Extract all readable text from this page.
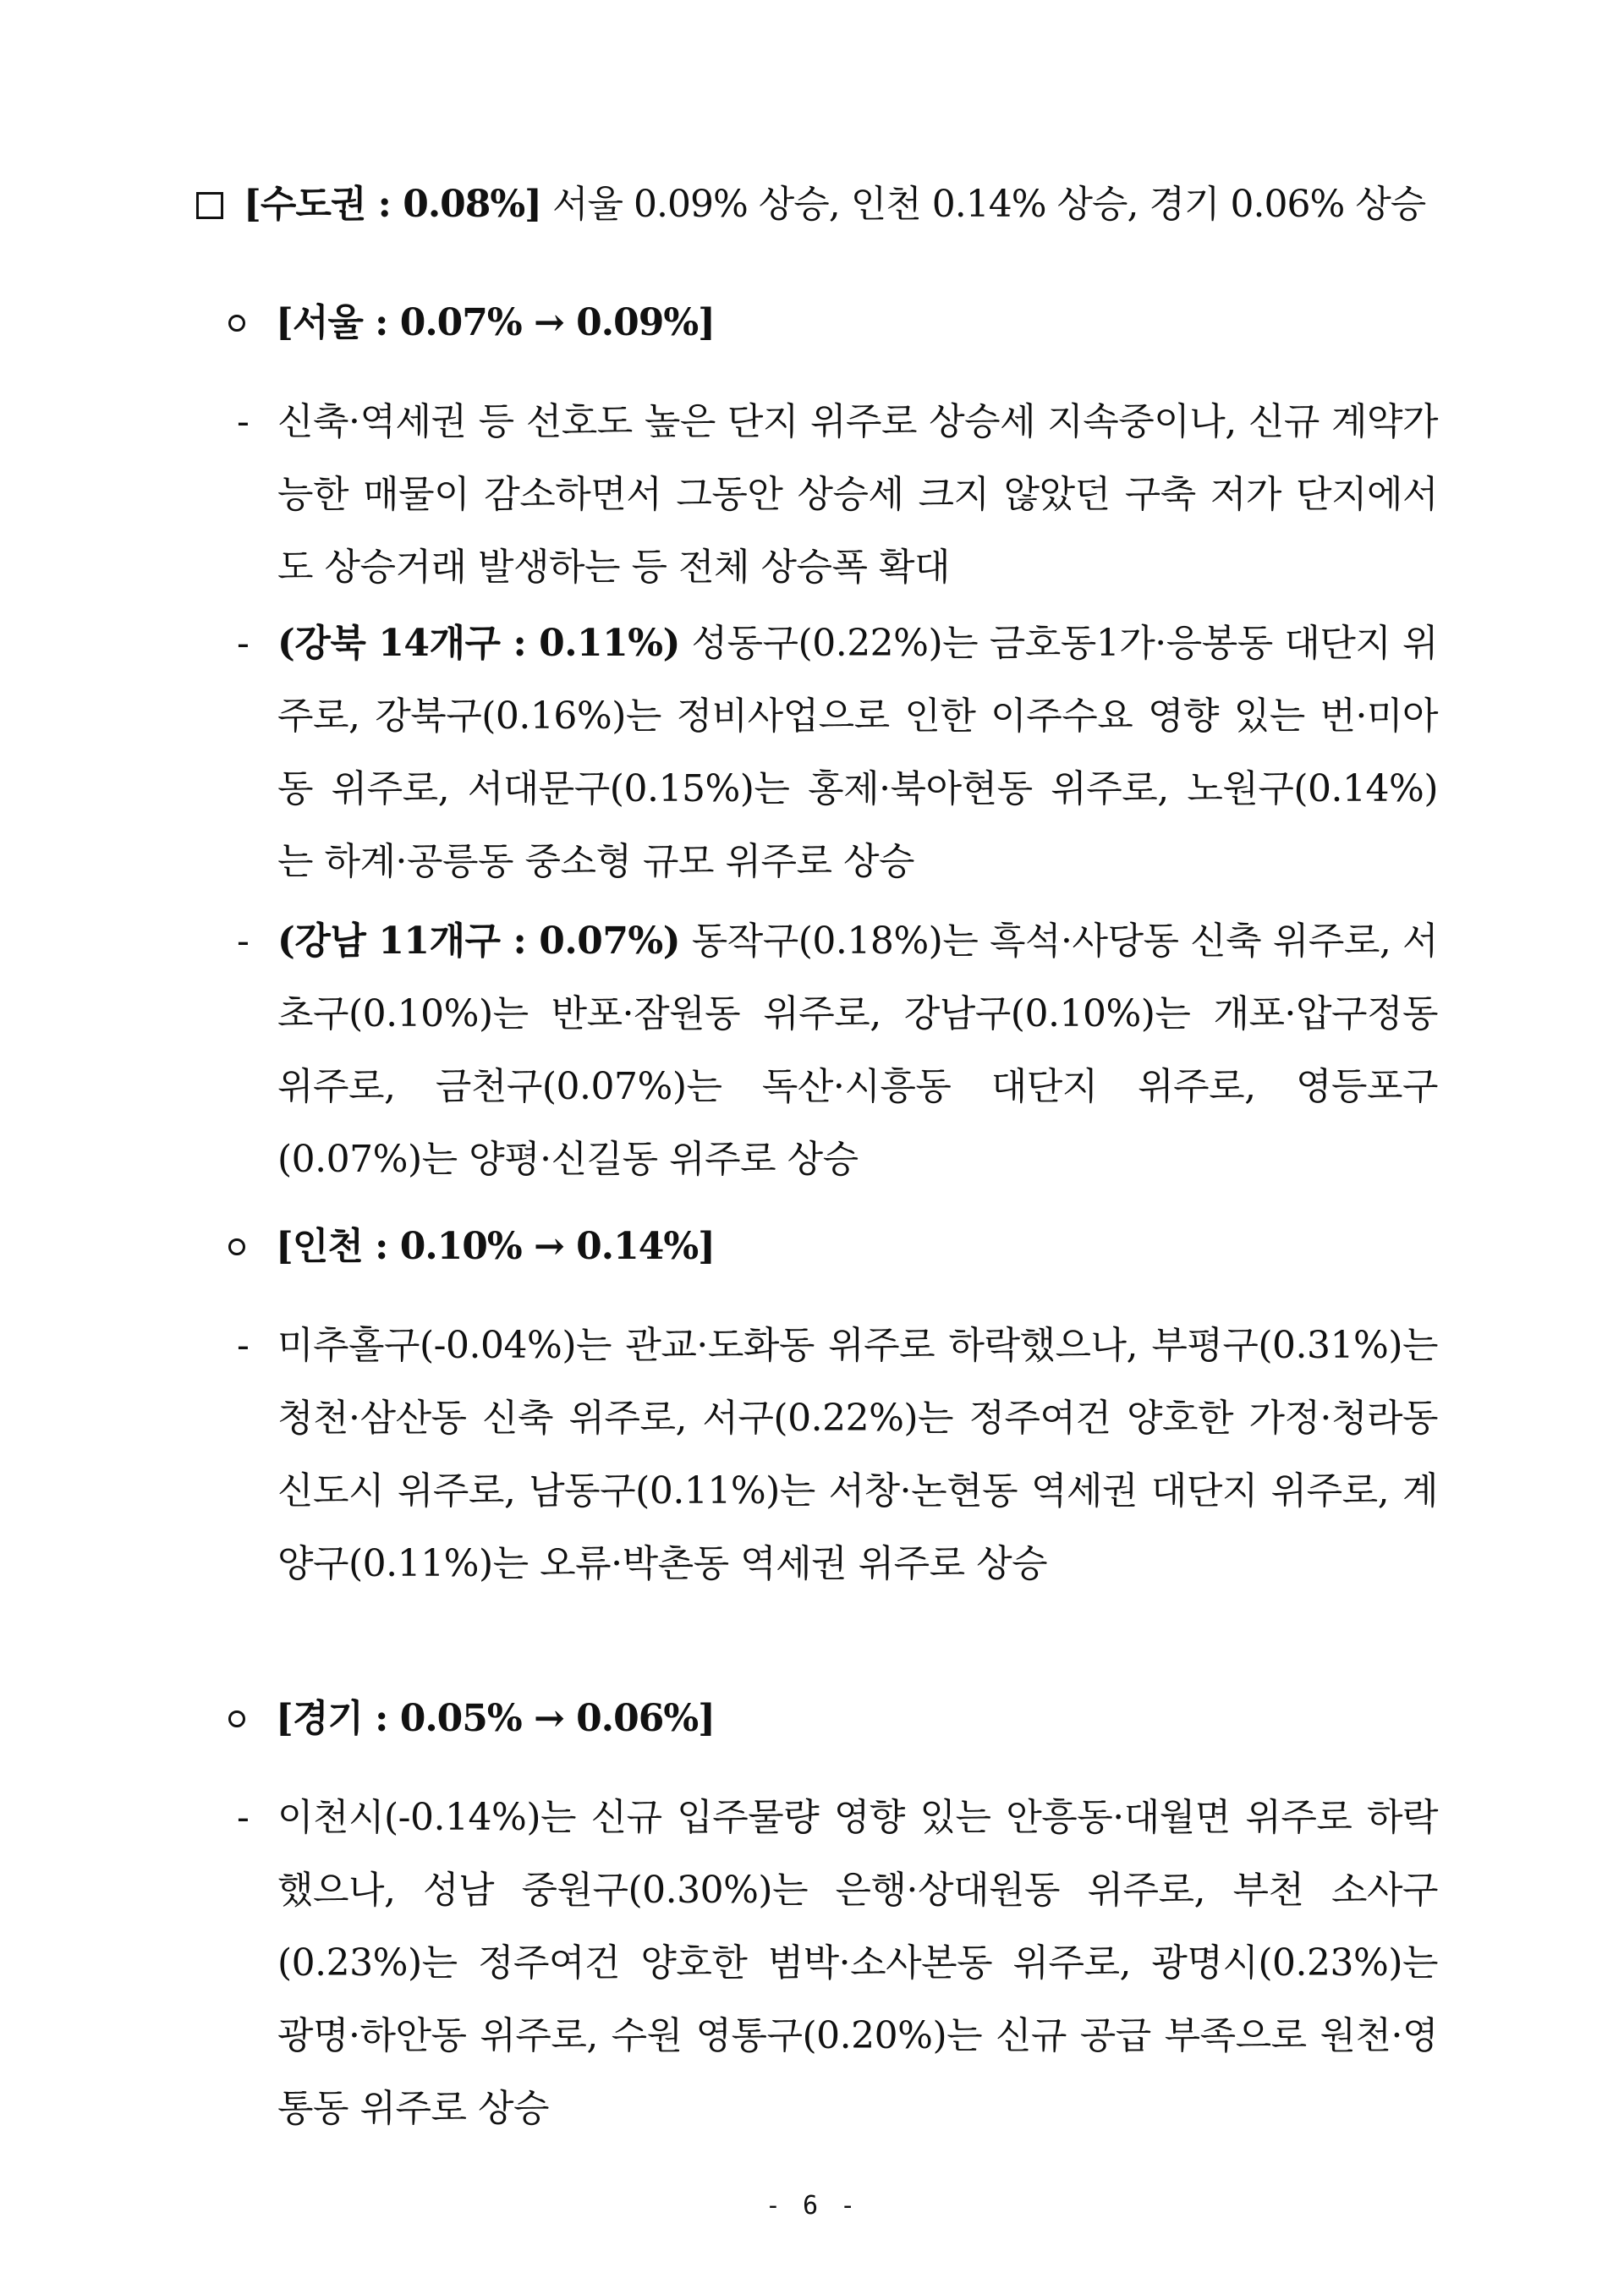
[수도권 : 0.08%] 서울 0.09% 상승, 인천 0.14% 상승, 경기 0.06% 상승
[서울 : 0.07% → 0.09%]
- 신축·역세권 등 선호도 높은 단지 위주로 상승세 지속중이나, 신규 계약가능한 매물이 감소하면서 그동안 상승세 크지 않았던 구축 저가 단지에서도 상승거래 발생하는 등 전체 상승폭 확대
- (강북 14개구 : 0.11%) 성동구(0.22%)는 금호동1가·응봉동 대단지 위주로, 강북구(0.16%)는 정비사업으로 인한 이주수요 영향 있는 번·미아동 위주로, 서대문구(0.15%)는 홍제·북아현동 위주로, 노원구(0.14%)는 하계·공릉동 중소형 규모 위주로 상승
- (강남 11개구 : 0.07%) 동작구(0.18%)는 흑석·사당동 신축 위주로, 서초구(0.10%)는 반포·잠원동 위주로, 강남구(0.10%)는 개포·압구정동 위주로, 금천구(0.07%)는 독산·시흥동 대단지 위주로, 영등포구(0.07%)는 양평·신길동 위주로 상승
[인천 : 0.10% → 0.14%]
- 미추홀구(-0.04%)는 관교·도화동 위주로 하락했으나, 부평구(0.31%)는 청천·삼산동 신축 위주로, 서구(0.22%)는 정주여건 양호한 가정·청라동 신도시 위주로, 남동구(0.11%)는 서창·논현동 역세권 대단지 위주로, 계양구(0.11%)는 오류·박촌동 역세권 위주로 상승
[경기 : 0.05% → 0.06%]
- 이천시(-0.14%)는 신규 입주물량 영향 있는 안흥동·대월면 위주로 하락했으나, 성남 중원구(0.30%)는 은행·상대원동 위주로, 부천 소사구(0.23%)는 정주여건 양호한 범박·소사본동 위주로, 광명시(0.23%)는 광명·하안동 위주로, 수원 영통구(0.20%)는 신규 공급 부족으로 원천·영통동 위주로 상승
- 6 -
